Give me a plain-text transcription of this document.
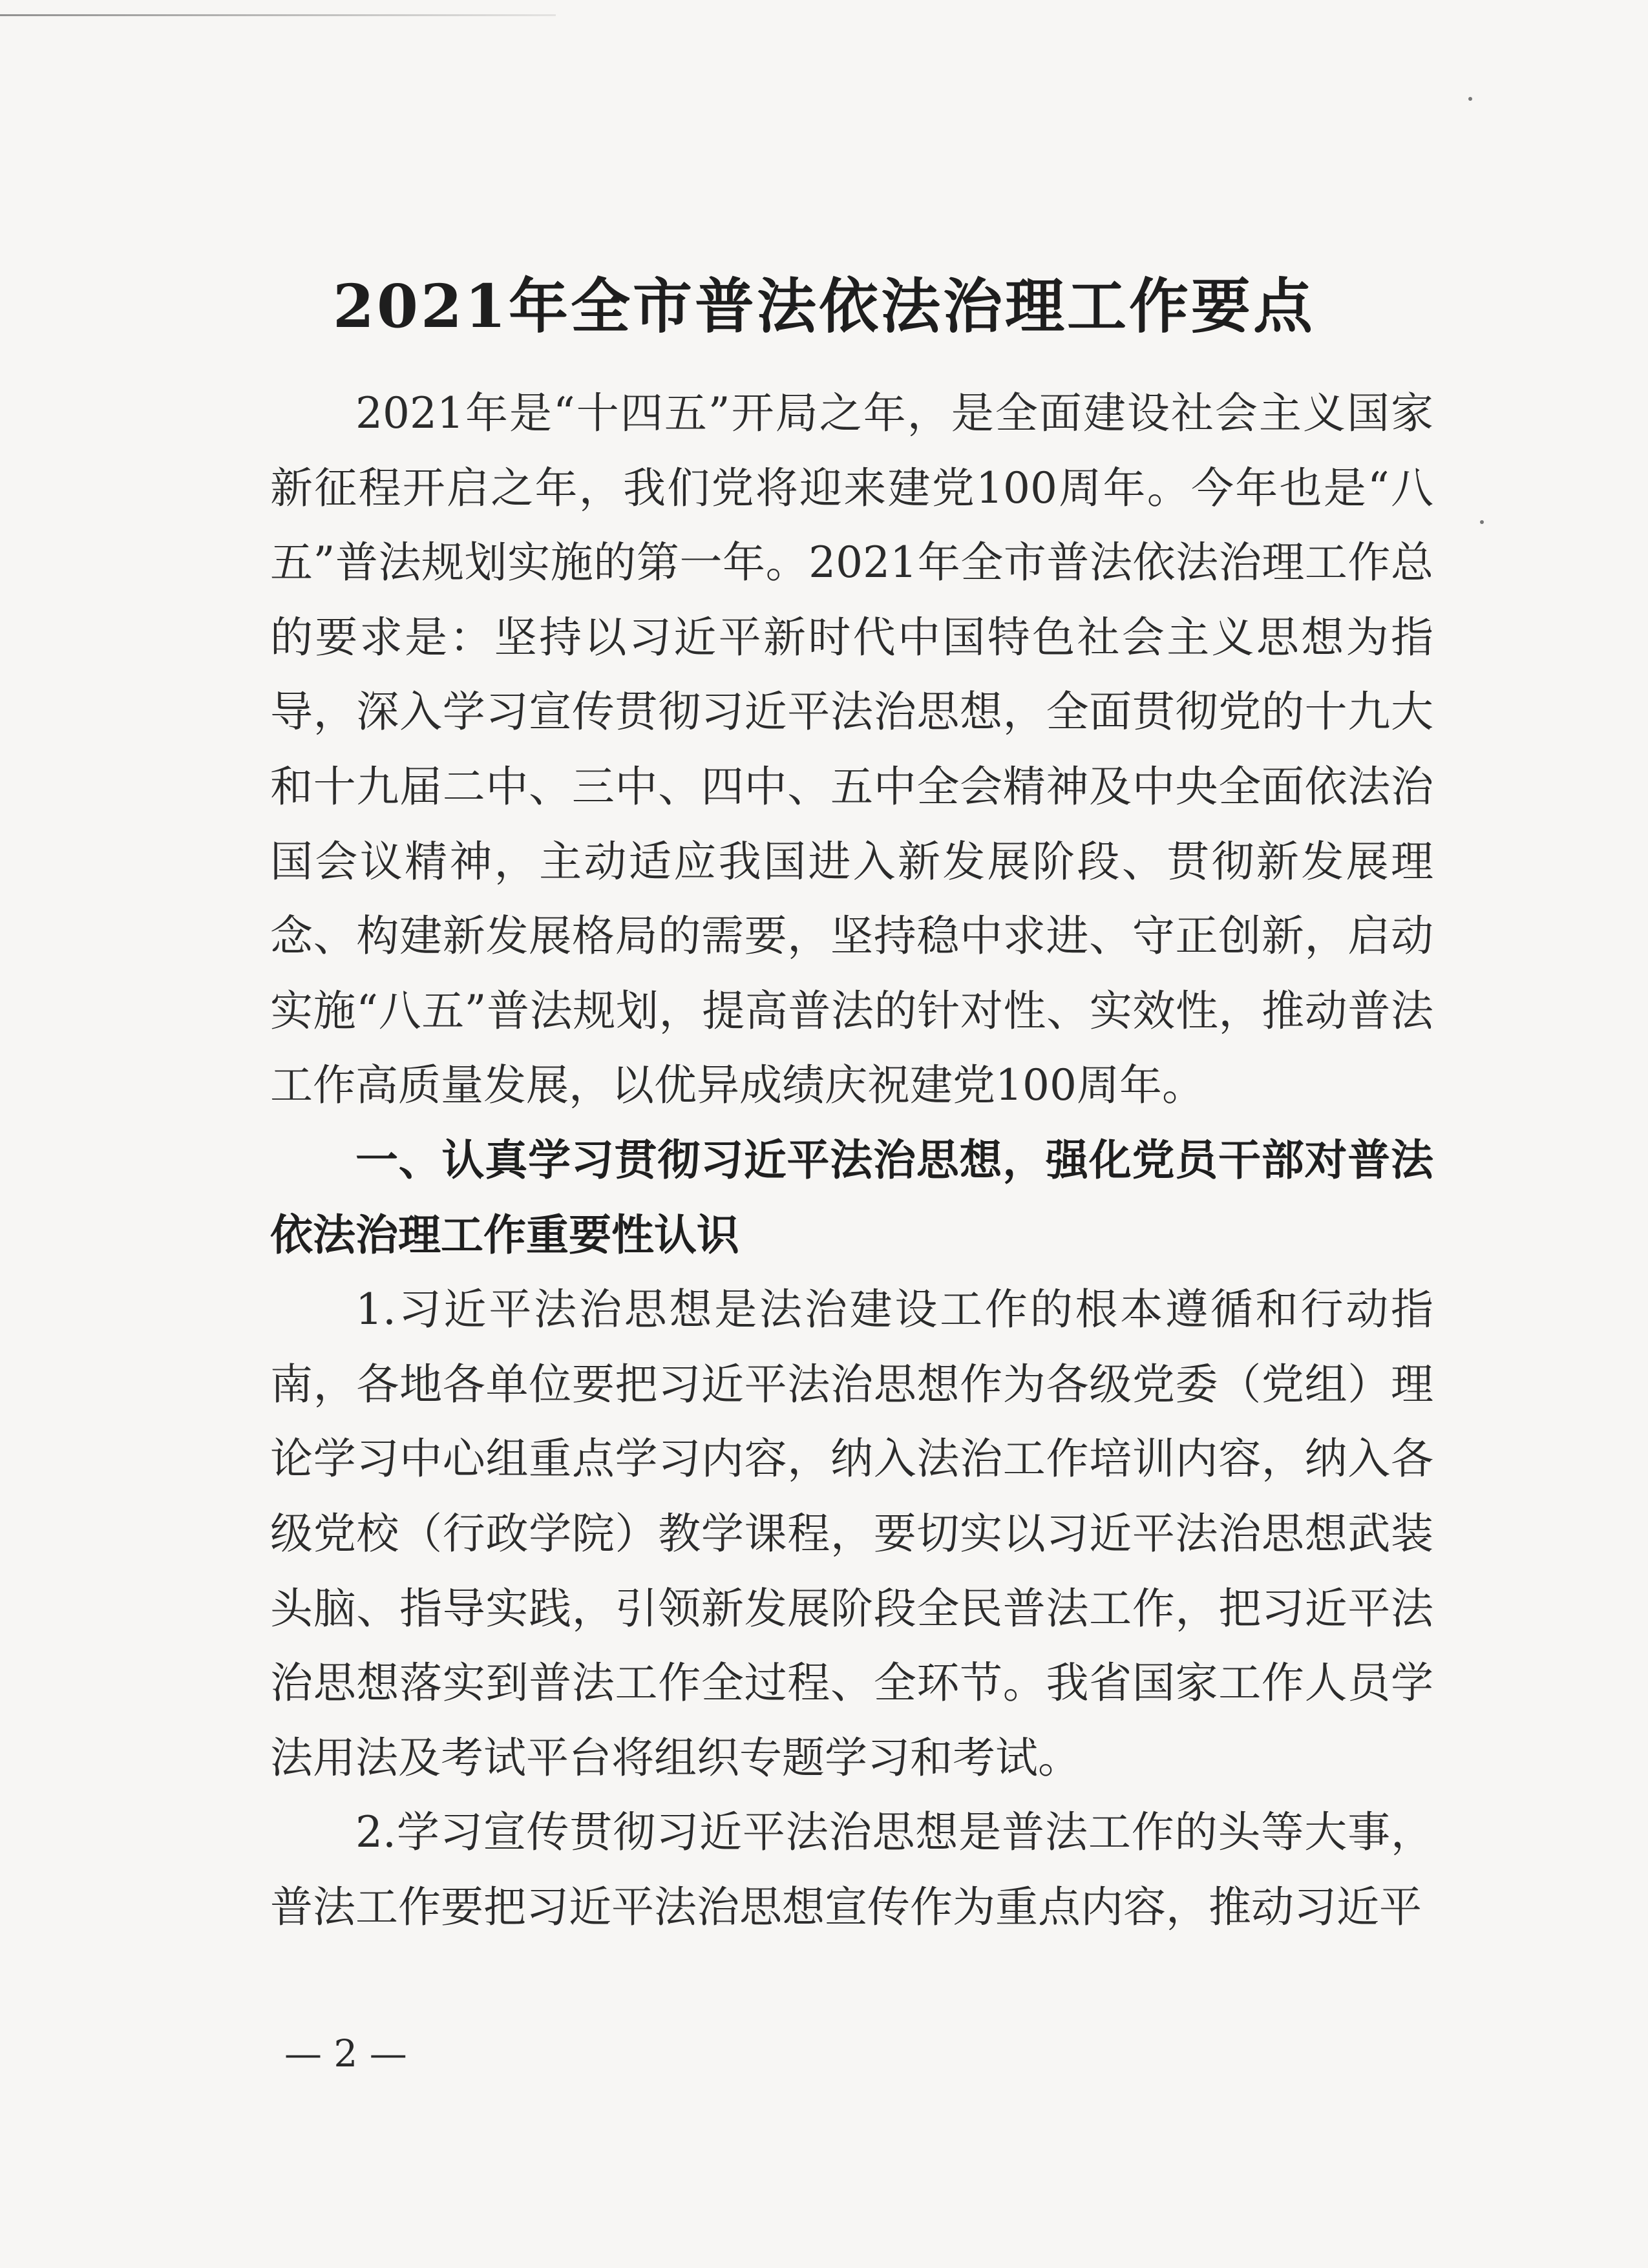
2021年全市普法依法治理工作要点

2021年是“十四五”开局之年，是全面建设社会主义国家新征程开启之年，我们党将迎来建党100周年。今年也是“八五”普法规划实施的第一年。2021年全市普法依法治理工作总的要求是：坚持以习近平新时代中国特色社会主义思想为指导，深入学习宣传贯彻习近平法治思想，全面贯彻党的十九大和十九届二中、三中、四中、五中全会精神及中央全面依法治国会议精神，主动适应我国进入新发展阶段、贯彻新发展理念、构建新发展格局的需要，坚持稳中求进、守正创新，启动实施“八五”普法规划，提高普法的针对性、实效性，推动普法工作高质量发展，以优异成绩庆祝建党100周年。

一、认真学习贯彻习近平法治思想，强化党员干部对普法依法治理工作重要性认识

1.习近平法治思想是法治建设工作的根本遵循和行动指南，各地各单位要把习近平法治思想作为各级党委（党组）理论学习中心组重点学习内容，纳入法治工作培训内容，纳入各级党校（行政学院）教学课程，要切实以习近平法治思想武装头脑、指导实践，引领新发展阶段全民普法工作，把习近平法治思想落实到普法工作全过程、全环节。我省国家工作人员学法用法及考试平台将组织专题学习和考试。

2.学习宣传贯彻习近平法治思想是普法工作的头等大事，普法工作要把习近平法治思想宣传作为重点内容，推动习近平

— 2 —
